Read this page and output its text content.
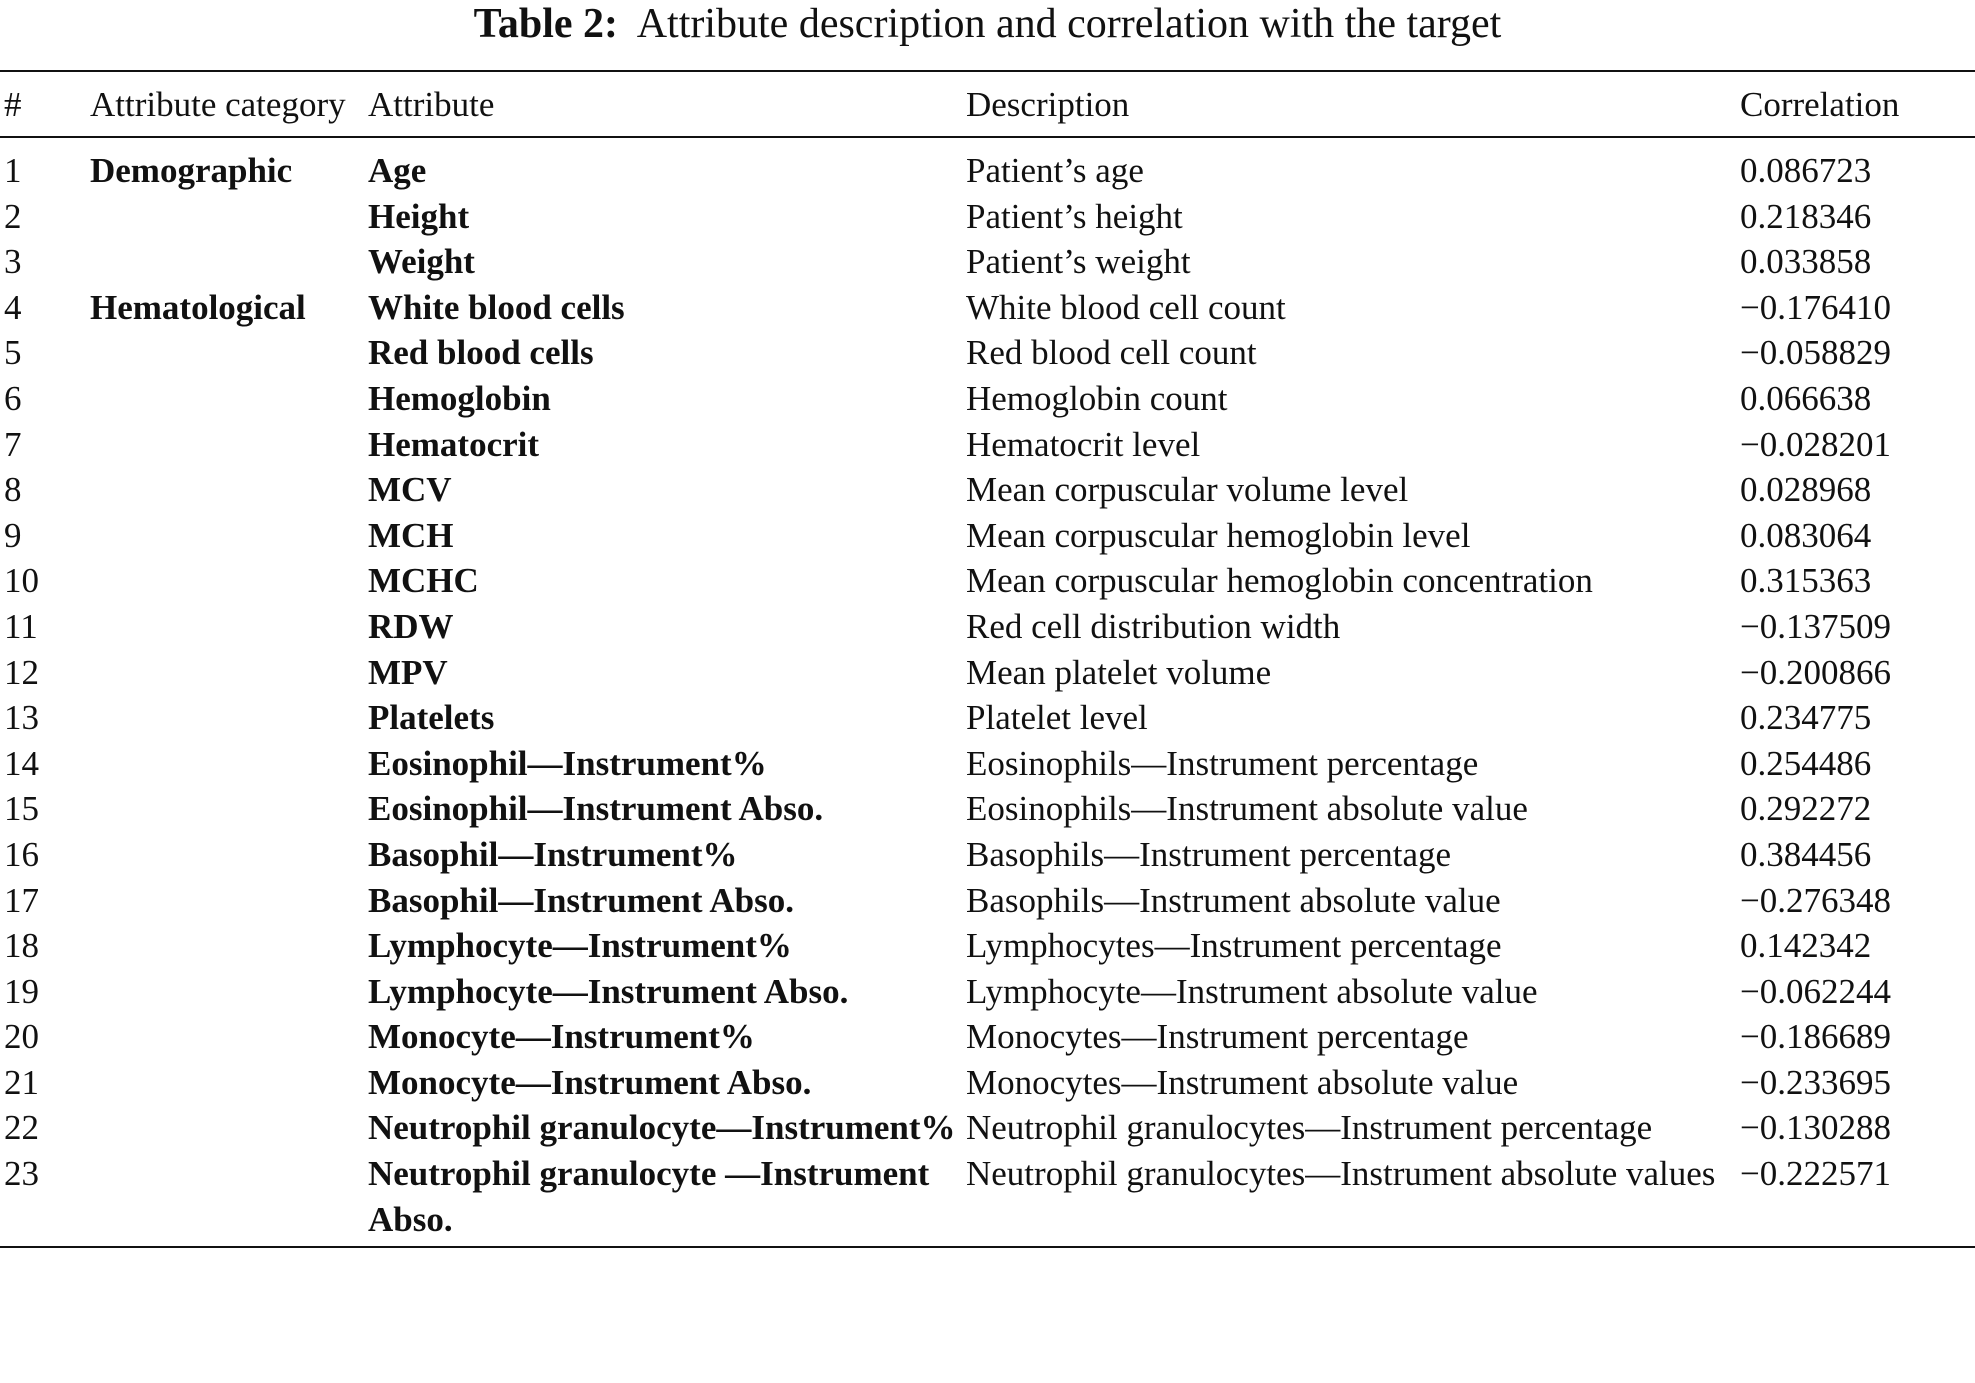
Table 2: Attribute description and correlation with the target
#	Attribute category	Attribute	Description	Correlation
1	Demographic	Age	Patient’s age	0.086723
2		Height	Patient’s height	0.218346
3		Weight	Patient’s weight	0.033858
4	Hematological	White blood cells	White blood cell count	−0.176410
5		Red blood cells	Red blood cell count	−0.058829
6		Hemoglobin	Hemoglobin count	0.066638
7		Hematocrit	Hematocrit level	−0.028201
8		MCV	Mean corpuscular volume level	0.028968
9		MCH	Mean corpuscular hemoglobin level	0.083064
10		MCHC	Mean corpuscular hemoglobin concentration	0.315363
11		RDW	Red cell distribution width	−0.137509
12		MPV	Mean platelet volume	−0.200866
13		Platelets	Platelet level	0.234775
14		Eosinophil—Instrument%	Eosinophils—Instrument percentage	0.254486
15		Eosinophil—Instrument Abso.	Eosinophils—Instrument absolute value	0.292272
16		Basophil—Instrument%	Basophils—Instrument percentage	0.384456
17		Basophil—Instrument Abso.	Basophils—Instrument absolute value	−0.276348
18		Lymphocyte—Instrument%	Lymphocytes—Instrument percentage	0.142342
19		Lymphocyte—Instrument Abso.	Lymphocyte—Instrument absolute value	−0.062244
20		Monocyte—Instrument%	Monocytes—Instrument percentage	−0.186689
21		Monocyte—Instrument Abso.	Monocytes—Instrument absolute value	−0.233695
22		Neutrophil granulocyte—Instrument%	Neutrophil granulocytes—Instrument percentage	−0.130288
23		Neutrophil granulocyte —Instrument Abso.	Neutrophil granulocytes—Instrument absolute values	−0.222571
